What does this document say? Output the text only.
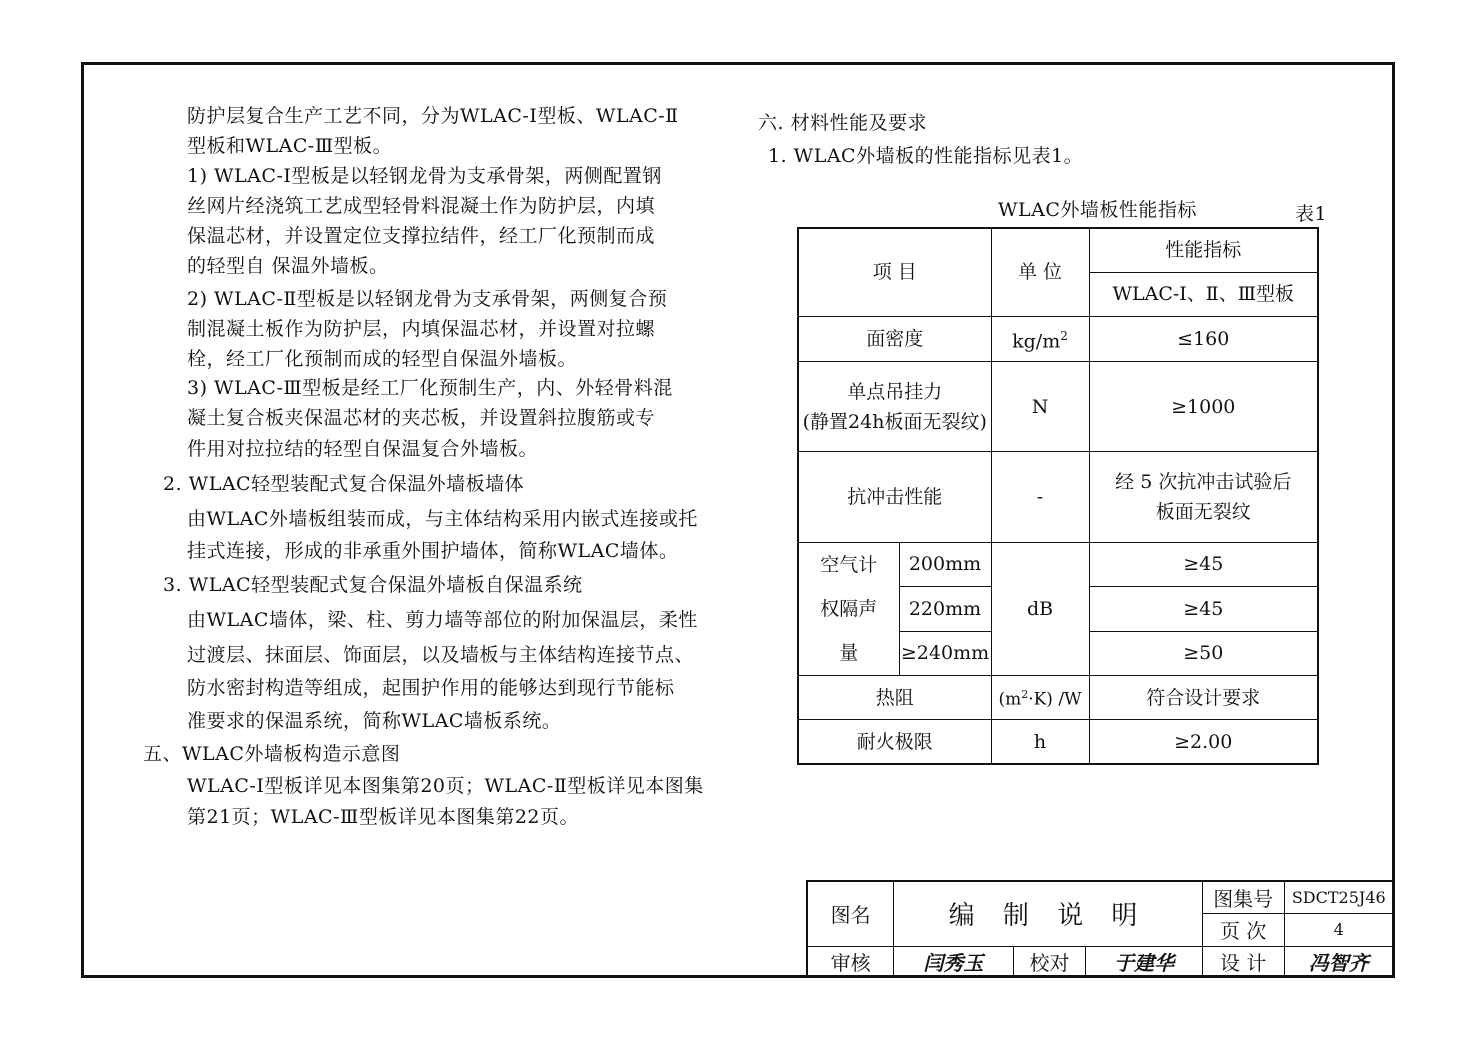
防护层复合生产工艺不同，分为WLAC-Ⅰ型板、WLAC-Ⅱ
型板和WLAC-Ⅲ型板。
1) WLAC-Ⅰ型板是以轻钢龙骨为支承骨架，两侧配置钢
丝网片经浇筑工艺成型轻骨料混凝土作为防护层，内填
保温芯材，并设置定位支撑拉结件，经工厂化预制而成
的轻型自 保温外墙板。
2) WLAC-Ⅱ型板是以轻钢龙骨为支承骨架，两侧复合预
制混凝土板作为防护层，内填保温芯材，并设置对拉螺
栓，经工厂化预制而成的轻型自保温外墙板。
3) WLAC-Ⅲ型板是经工厂化预制生产，内、外轻骨料混
凝土复合板夹保温芯材的夹芯板，并设置斜拉腹筋或专
件用对拉拉结的轻型自保温复合外墙板。
2. WLAC轻型装配式复合保温外墙板墙体
由WLAC外墙板组装而成，与主体结构采用内嵌式连接或托
挂式连接，形成的非承重外围护墙体，简称WLAC墙体。
3. WLAC轻型装配式复合保温外墙板自保温系统
由WLAC墙体，梁、柱、剪力墙等部位的附加保温层，柔性
过渡层、抹面层、饰面层，以及墙板与主体结构连接节点、
防水密封构造等组成，起围护作用的能够达到现行节能标
准要求的保温系统，简称WLAC墙板系统。
五、WLAC外墙板构造示意图
WLAC-Ⅰ型板详见本图集第20页；WLAC-Ⅱ型板详见本图集
第21页；WLAC-Ⅲ型板详见本图集第22页。
六. 材料性能及要求
1. WLAC外墙板的性能指标见表1。
WLAC外墙板性能指标	表1
项 目		单 位	性能指标
			WLAC-Ⅰ、Ⅱ、Ⅲ型板
面密度		$kg/m^2$	≤160

单点吊挂力
(静置24h板面无裂纹)		N	≥1000
抗冲击性能		-	经 5 次抗冲击试验后
板面无裂纹

空气计
权隔声
量	200mm	dB	≥45
	220mm		≥45
	≥240mm		≥50
热阻		$(m^2\cdot K)$ /W	符合设计要求
耐火极限		h	≥2.00
图名	编 制 说 明			图集号	SDCT25J46
				页 次	4
审核	闫秀玉	校对	于建华	设 计	冯智齐
